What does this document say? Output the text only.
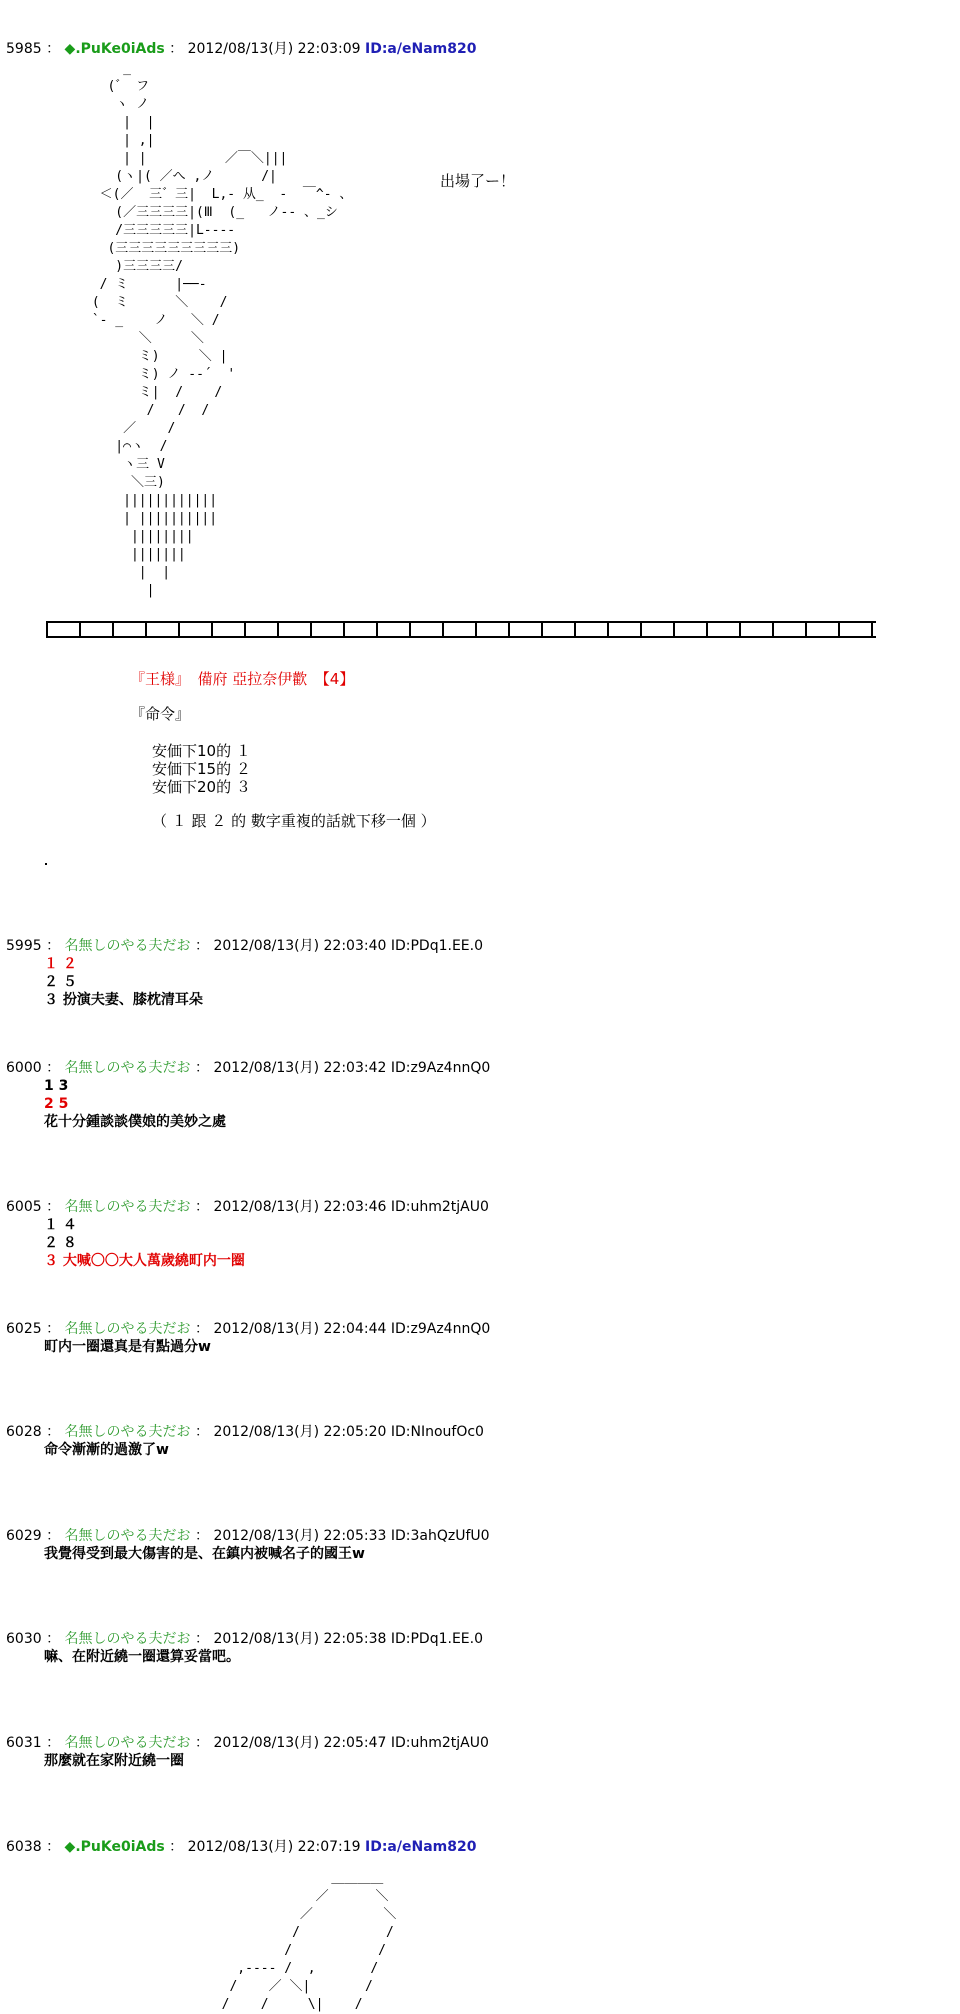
5985 ： ◆.PuKe0iAds ： 2012/08/13(月) 22:03:09 ID:a/eNam820
_
(゛ フ
ヽ ノ
|  |
| ,|
| |          ／￣＼|||
(ヽ|( ／へ ,ノ      /|
＜(／  三゛三|  L,‐ 从_  -  ￣^‐ 、
(／三三三三|(Ⅲ  (_   ノ‐‐ 、_シ
/三三三三三|L‐‐‐‐
(三三三三三三三三三)
)三三三三/
/ ミ      |──‐
(  ミ      ＼    /
`‐ _    ノ   ＼ /
＼     ＼
ミ)     ＼ |
ミ) ノ ‐‐´  '
ミ|  /    /
/   /  /
／    /
|⌒ヽ  /
ヽ三 V
＼三)
||||||||||||
| ||||||||||
||||||||
|||||||
|  |
|
出場了ー！
『王様』　備府 亞拉奈伊歡　【4】
『命令』
安価下10的 １
安価下15的 ２
安価下20的 ３
（ １ 跟 ２ 的 數字重複的話就下移一個 ）
5995 ： 名無しのやる夫だお ： 2012/08/13(月) 22:03:40 ID:PDq1.EE.0
１ ２
２ ５
３ 扮演夫妻、膝枕清耳朵
6000 ： 名無しのやる夫だお ： 2012/08/13(月) 22:03:42 ID:z9Az4nnQ0
1 3
2 5
花十分鍾談談僕娘的美妙之處
6005 ： 名無しのやる夫だお ： 2012/08/13(月) 22:03:46 ID:uhm2tjAU0
１ ４
２ ８
３ 大喊〇〇大人萬歲繞町内一圈
6025 ： 名無しのやる夫だお ： 2012/08/13(月) 22:04:44 ID:z9Az4nnQ0
町内一圈還真是有點過分w
6028 ： 名無しのやる夫だお ： 2012/08/13(月) 22:05:20 ID:NInoufOc0
命令漸漸的過激了w
6029 ： 名無しのやる夫だお ： 2012/08/13(月) 22:05:33 ID:3ahQzUfU0
我覺得受到最大傷害的是、在鎮内被喊名子的國王w
6030 ： 名無しのやる夫だお ： 2012/08/13(月) 22:05:38 ID:PDq1.EE.0
嘛、在附近繞一圈還算妥當吧。
6031 ： 名無しのやる夫だお ： 2012/08/13(月) 22:05:47 ID:uhm2tjAU0
那麼就在家附近繞一圈
6038 ： ◆.PuKe0iAds ： 2012/08/13(月) 22:07:19 ID:a/eNam820
＿＿＿＿
／      ＼
／         ＼
/           /
/           /
,‐‐‐‐ /  ,       /
/    ／ ＼|       /
/    /     \|    /
